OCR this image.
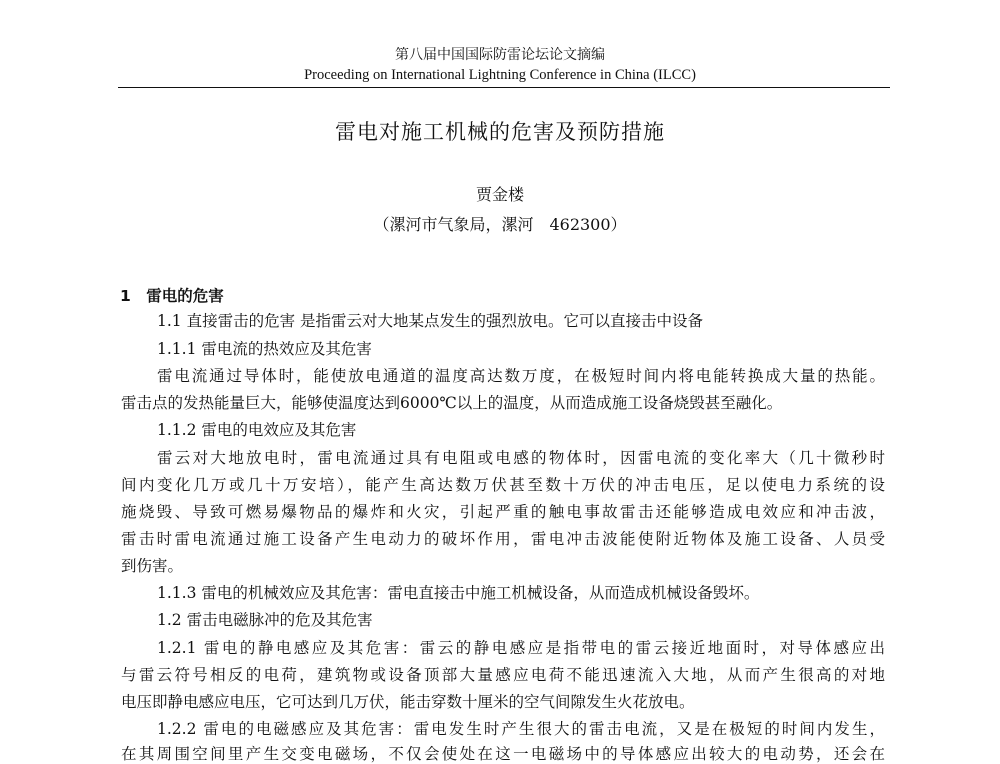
第八届中国国际防雷论坛论文摘编
Proceeding on International Lightning Conference in China (ILCC)
雷电对施工机械的危害及预防措施
贾金楼
（漯河市气象局，漯河　462300）
1　雷电的危害
1.1 直接雷击的危害 是指雷云对大地某点发生的强烈放电。它可以直接击中设备
1.1.1 雷电流的热效应及其危害
雷电流通过导体时，能使放电通道的温度高达数万度，在极短时间内将电能转换成大量的热能。
雷击点的发热能量巨大，能够使温度达到6000℃以上的温度，从而造成施工设备烧毁甚至融化。
1.1.2 雷电的电效应及其危害
雷云对大地放电时，雷电流通过具有电阻或电感的物体时，因雷电流的变化率大（几十微秒时
间内变化几万或几十万安培），能产生高达数万伏甚至数十万伏的冲击电压，足以使电力系统的设
施烧毁、导致可燃易爆物品的爆炸和火灾，引起严重的触电事故雷击还能够造成电效应和冲击波，
雷击时雷电流通过施工设备产生电动力的破坏作用，雷电冲击波能使附近物体及施工设备、人员受
到伤害。
1.1.3 雷电的机械效应及其危害：雷电直接击中施工机械设备，从而造成机械设备毁坏。
1.2 雷击电磁脉冲的危及其危害
1.2.1 雷电的静电感应及其危害：雷云的静电感应是指带电的雷云接近地面时，对导体感应出
与雷云符号相反的电荷，建筑物或设备顶部大量感应电荷不能迅速流入大地，从而产生很高的对地
电压即静电感应电压，它可达到几万伏，能击穿数十厘米的空气间隙发生火花放电。
1.2.2 雷电的电磁感应及其危害：雷电发生时产生很大的雷击电流，又是在极短的时间内发生，
在其周围空间里产生交变电磁场，不仅会使处在这一电磁场中的导体感应出较大的电动势，还会在
